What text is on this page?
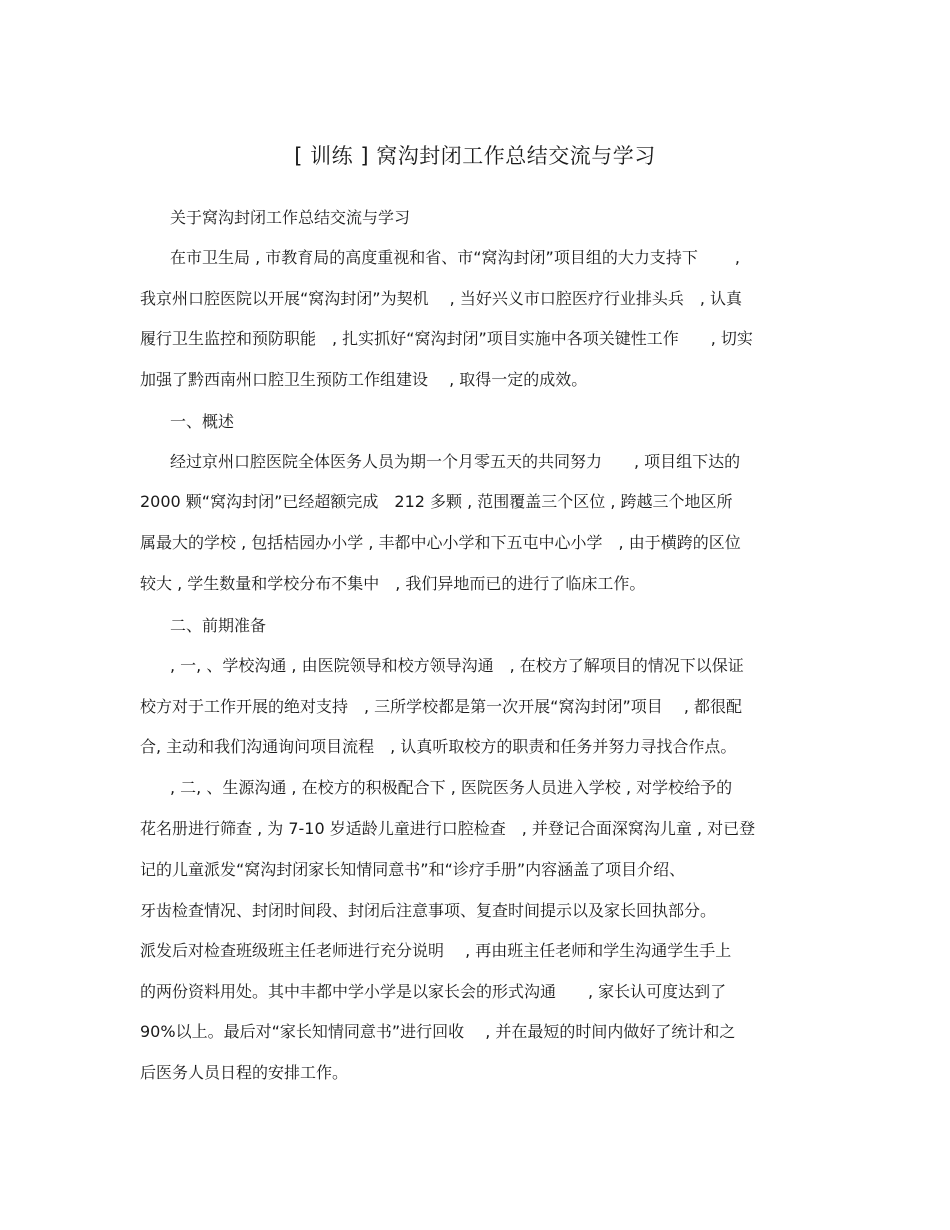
[ 训练 ] 窝沟封闭工作总结交流与学习
关于窝沟封闭工作总结交流与学习
在市卫生局 , 市教育局的高度重视和省、市“窝沟封闭”项目组的大力支持下　　 ,
我京州口腔医院以开展“窝沟封闭”为契机　 , 当好兴义市口腔医疗行业排头兵　, 认真
履行卫生监控和预防职能　, 扎实抓好“窝沟封闭”项目实施中各项关键性工作　　, 切实
加强了黔西南州口腔卫生预防工作组建设　 , 取得一定的成效。
一、概述
经过京州口腔医院全体医务人员为期一个月零五天的共同努力　　, 项目组下达的
2000 颗“窝沟封闭”已经超额完成　212 多颗 , 范围覆盖三个区位 , 跨越三个地区所
属最大的学校 , 包括桔园办小学 , 丰都中心小学和下五屯中心小学　, 由于横跨的区位
较大 , 学生数量和学校分布不集中　, 我们异地而已的进行了临床工作。
二、前期准备
, 一, 、学校沟通 , 由医院领导和校方领导沟通　, 在校方了解项目的情况下以保证
校方对于工作开展的绝对支持　, 三所学校都是第一次开展“窝沟封闭”项目　 , 都很配
合, 主动和我们沟通询问项目流程　, 认真听取校方的职责和任务并努力寻找合作点。
, 二, 、生源沟通 , 在校方的积极配合下 , 医院医务人员进入学校 , 对学校给予的
花名册进行筛查 , 为 7-10 岁适龄儿童进行口腔检查　, 并登记合面深窝沟儿童 , 对已登
记的儿童派发“窝沟封闭家长知情同意书”和“诊疗手册”内容涵盖了项目介绍、
牙齿检查情况、封闭时间段、封闭后注意事项、复查时间提示以及家长回执部分。
派发后对检查班级班主任老师进行充分说明　 , 再由班主任老师和学生沟通学生手上
的两份资料用处。其中丰都中学小学是以家长会的形式沟通　　, 家长认可度达到了
90%以上。最后对“家长知情同意书”进行回收　 , 并在最短的时间内做好了统计和之
后医务人员日程的安排工作。
